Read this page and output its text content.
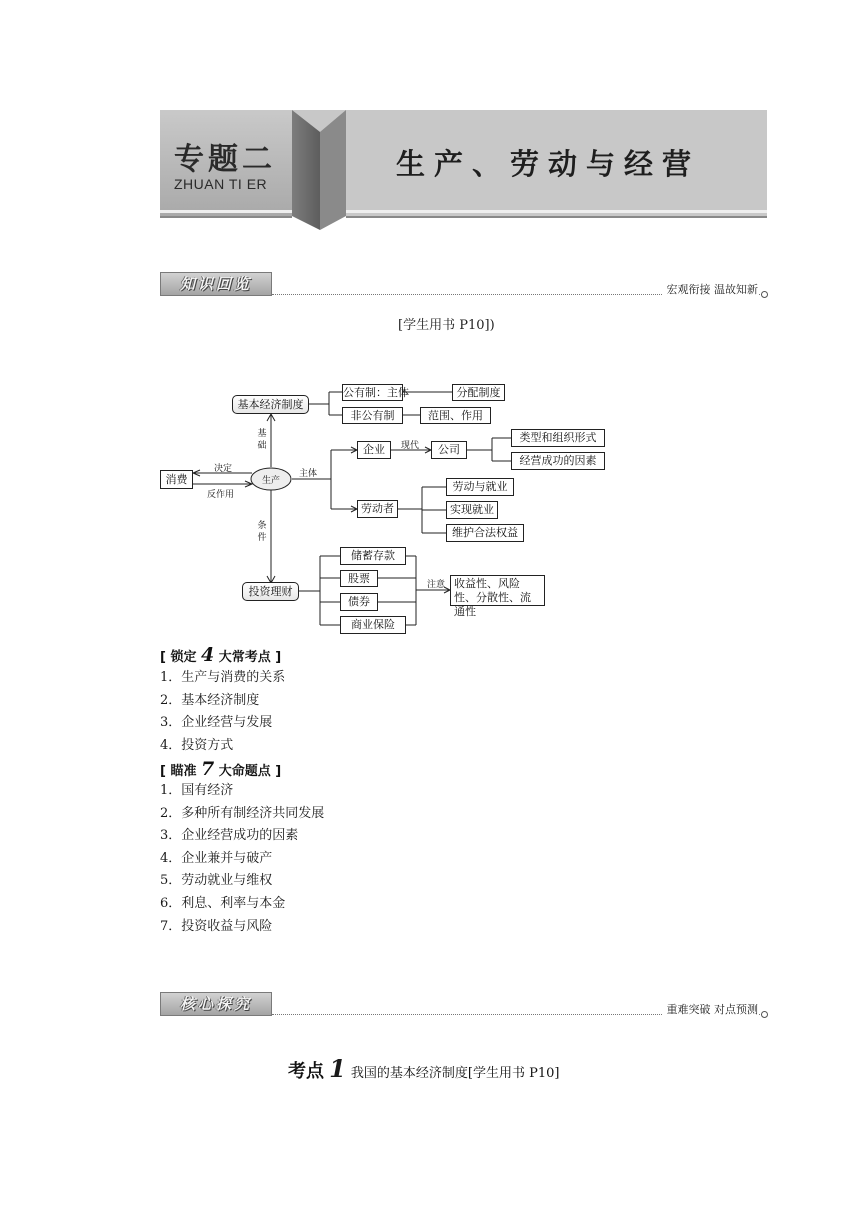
专题二
ZHUAN TI ER
生产、劳动与经营
知识回览	宏观衔接 温故知新
[学生用书 P10])
基本经济制度
公有制：主体	分配制度
非公有制	范围、作用
企业	公司
类型和组织形式
经营成功的因素
消费	生产
劳动者
劳动与就业
实现就业
维护合法权益
投资理财
储蓄存款
股票
债券
商业保险
收益性、风险性、分散性、流通性
基础
决定
反作用
主体
现代
条件
注意
[ 锁定 4 大常考点 ]
1．生产与消费的关系
2．基本经济制度
3．企业经营与发展
4．投资方式
[ 瞄准 7 大命题点 ]
1．国有经济
2．多种所有制经济共同发展
3．企业经营成功的因素
4．企业兼并与破产
5．劳动就业与维权
6．利息、利率与本金
7．投资收益与风险
核心探究	重难突破 对点预测
考点 1 我国的基本经济制度[学生用书 P10]
